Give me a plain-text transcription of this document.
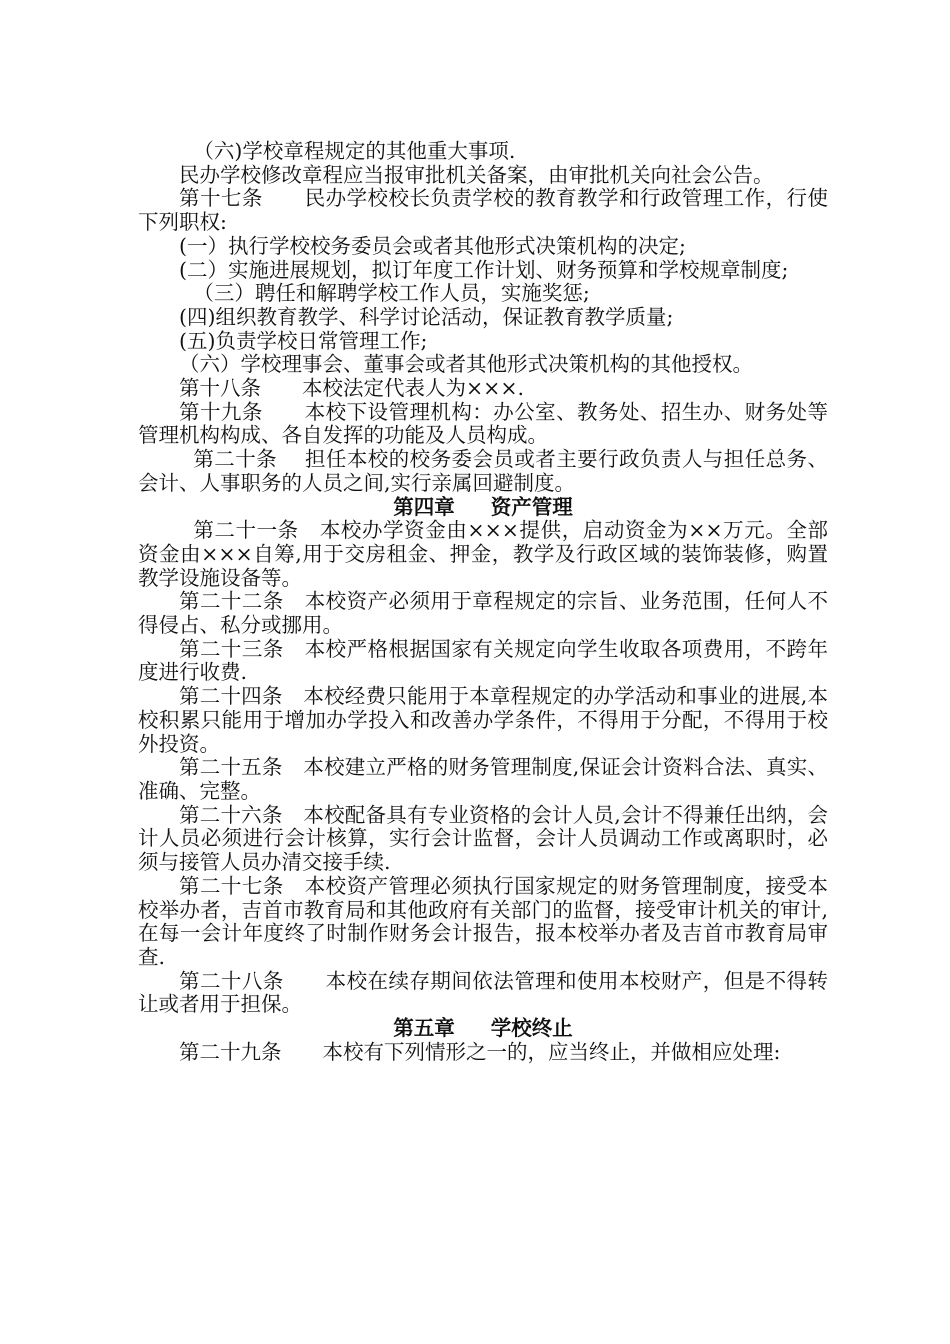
（六)学校章程规定的其他重大事项.

民办学校修改章程应当报审批机关备案，由审批机关向社会公告。

第十七条　　民办学校校长负责学校的教育教学和行政管理工作，行使下列职权:

(一）执行学校校务委员会或者其他形式决策机构的决定;

(二）实施进展规划，拟订年度工作计划、财务预算和学校规章制度;

（三）聘任和解聘学校工作人员，实施奖惩;

(四)组织教育教学、科学讨论活动，保证教育教学质量;

(五)负责学校日常管理工作;

（六）学校理事会、董事会或者其他形式决策机构的其他授权。

第十八条　　本校法定代表人为×××.

第十九条　　本校下设管理机构：办公室、教务处、招生办、财务处等管理机构构成、各自发挥的功能及人员构成。

第二十条　 担任本校的校务委会员或者主要行政负责人与担任总务、会计、人事职务的人员之间,实行亲属回避制度。

第四章 资产管理

第二十一条　本校办学资金由×××提供，启动资金为××万元。全部资金由×××自筹,用于交房租金、押金，教学及行政区域的装饰装修，购置教学设施设备等。

第二十二条　本校资产必须用于章程规定的宗旨、业务范围，任何人不得侵占、私分或挪用。

第二十三条　本校严格根据国家有关规定向学生收取各项费用，不跨年度进行收费.

第二十四条　本校经费只能用于本章程规定的办学活动和事业的进展,本校积累只能用于增加办学投入和改善办学条件，不得用于分配，不得用于校外投资。

第二十五条　本校建立严格的财务管理制度,保证会计资料合法、真实、准确、完整。

第二十六条　本校配备具有专业资格的会计人员,会计不得兼任出纳，会计人员必须进行会计核算，实行会计监督，会计人员调动工作或离职时，必须与接管人员办清交接手续.

第二十七条　本校资产管理必须执行国家规定的财务管理制度，接受本校举办者，吉首市教育局和其他政府有关部门的监督，接受审计机关的审计,在每一会计年度终了时制作财务会计报告，报本校举办者及吉首市教育局审查.

第二十八条　　本校在续存期间依法管理和使用本校财产，但是不得转让或者用于担保。

第五章 学校终止

第二十九条　　本校有下列情形之一的，应当终止，并做相应处理:
